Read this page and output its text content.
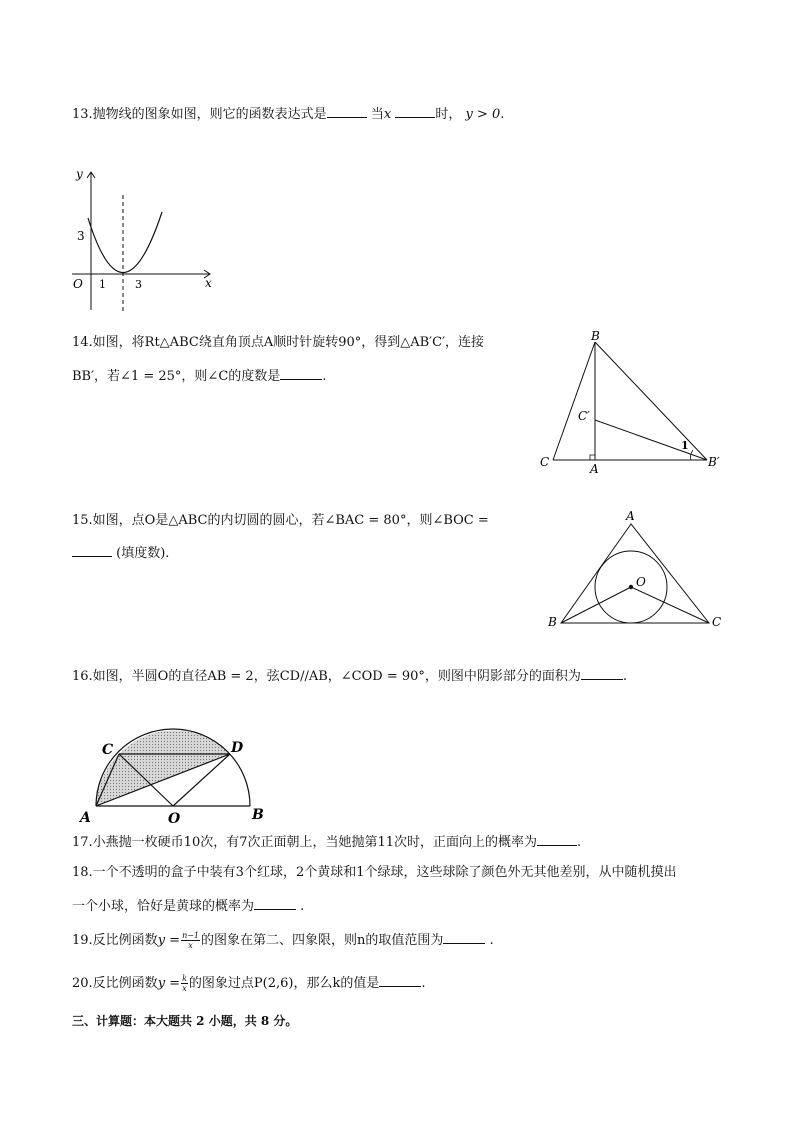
13.抛物线的图象如图，则它的函数表达式是	当x	时， y > 0.
y
x
O
3
1	3
14.如图，将Rt△ABC绕直角顶点A顺时针旋转90°，得到△AB′C′，连接
BB′，若∠1 = 25°，则∠C的度数是	.
B
C′
C	A	B′
1
15.如图，点O是△ABC的内切圆的圆心，若∠BAC = 80°，则∠BOC =
(填度数).
A
O
B	C
16.如图，半圆O的直径AB = 2，弦CD//AB，∠COD = 90°，则图中阴影部分的面积为	.
C	D
A	O	B
17.小燕抛一枚硬币10次，有7次正面朝上，当她抛第11次时，正面向上的概率为	.
18.一个不透明的盒子中装有3个红球，2个黄球和1个绿球，这些球除了颜色外无其他差别，从中随机摸出
一个小球，恰好是黄球的概率为	.
19.反比例函数$y = \frac{n-1}{x}$ 的图象在第二、四象限，则n的取值范围为	.
20.反比例函数$y = \frac{k}{x}$ 的图象过点P(2,6)，那么k的值是	.
三、计算题：本大题共 2 小题，共 8 分。
